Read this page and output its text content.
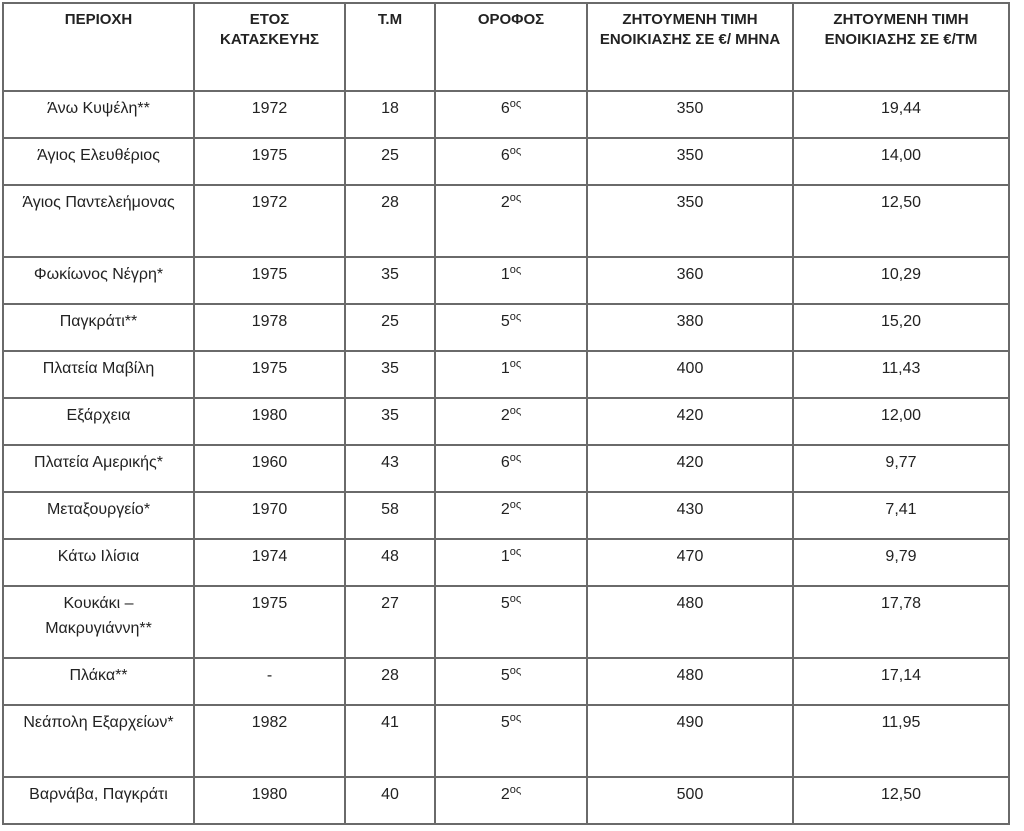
ΠΕΡΙΟΧΗ	ΕΤΟΣ ΚΑΤΑΣΚΕΥΗΣ	Τ.Μ	ΟΡΟΦΟΣ	ΖΗΤΟΥΜΕΝΗ ΤΙΜΗ ΕΝΟΙΚΙΑΣΗΣ ΣΕ €/ ΜΗΝΑ	ΖΗΤΟΥΜΕΝΗ ΤΙΜΗ ΕΝΟΙΚΙΑΣΗΣ ΣΕ €/ΤΜ
Άνω Κυψέλη**	1972	18	$6^{o\varsigma}$	350	19,44
Άγιος Ελευθέριος	1975	25	$6^{o\varsigma}$	350	14,00
Άγιος Παντελεήμονας	1972	28	$2^{o\varsigma}$	350	12,50
Φωκίωνος Νέγρη*	1975	35	$1^{o\varsigma}$	360	10,29
Παγκράτι**	1978	25	$5^{o\varsigma}$	380	15,20
Πλατεία Μαβίλη	1975	35	$1^{o\varsigma}$	400	11,43
Εξάρχεια	1980	35	$2^{o\varsigma}$	420	12,00
Πλατεία Αμερικής*	1960	43	$6^{o\varsigma}$	420	9,77
Μεταξουργείο*	1970	58	$2^{o\varsigma}$	430	7,41
Κάτω Ιλίσια	1974	48	$1^{o\varsigma}$	470	9,79
Κουκάκι – Μακρυγιάννη**	1975	27	$5^{o\varsigma}$	480	17,78
Πλάκα**	-	28	$5^{o\varsigma}$	480	17,14
Νεάπολη Εξαρχείων*	1982	41	$5^{o\varsigma}$	490	11,95
Βαρνάβα, Παγκράτι	1980	40	$2^{o\varsigma}$	500	12,50
